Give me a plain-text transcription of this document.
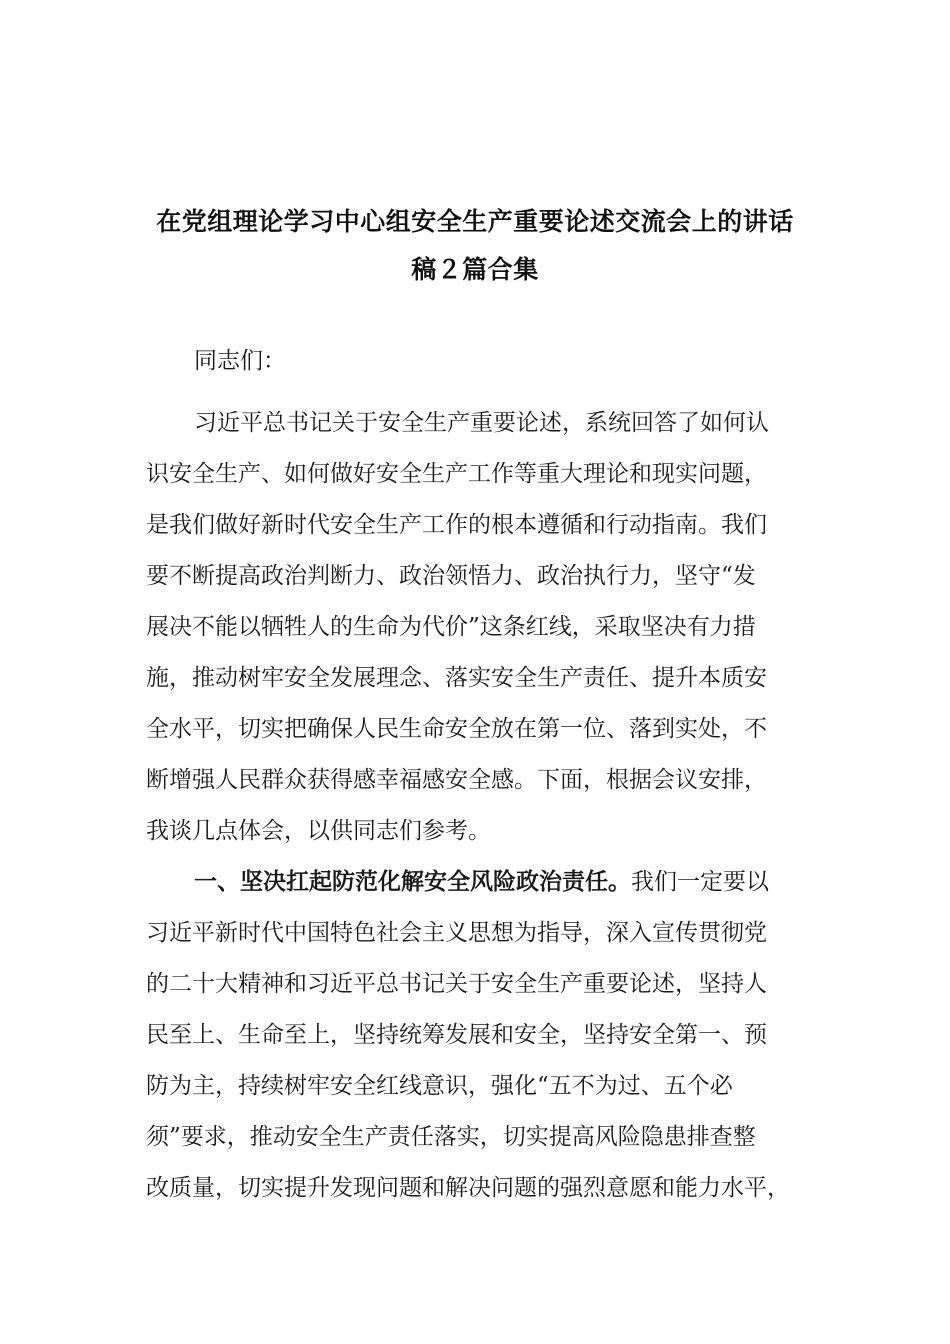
在党组理论学习中心组安全生产重要论述交流会上的讲话
稿２篇合集
同志们：
习近平总书记关于安全生产重要论述，系统回答了如何认
识安全生产、如何做好安全生产工作等重大理论和现实问题，
是我们做好新时代安全生产工作的根本遵循和行动指南。我们
要不断提高政治判断力、政治领悟力、政治执行力，坚守“发
展决不能以牺牲人的生命为代价”这条红线，采取坚决有力措
施，推动树牢安全发展理念、落实安全生产责任、提升本质安
全水平，切实把确保人民生命安全放在第一位、落到实处，不
断增强人民群众获得感幸福感安全感。下面，根据会议安排，
我谈几点体会，以供同志们参考。
一、坚决扛起防范化解安全风险政治责任。我们一定要以
习近平新时代中国特色社会主义思想为指导，深入宣传贯彻党
的二十大精神和习近平总书记关于安全生产重要论述，坚持人
民至上、生命至上，坚持统筹发展和安全，坚持安全第一、预
防为主，持续树牢安全红线意识，强化“五不为过、五个必
须”要求，推动安全生产责任落实，切实提高风险隐患排查整
改质量，切实提升发现问题和解决问题的强烈意愿和能力水平，
